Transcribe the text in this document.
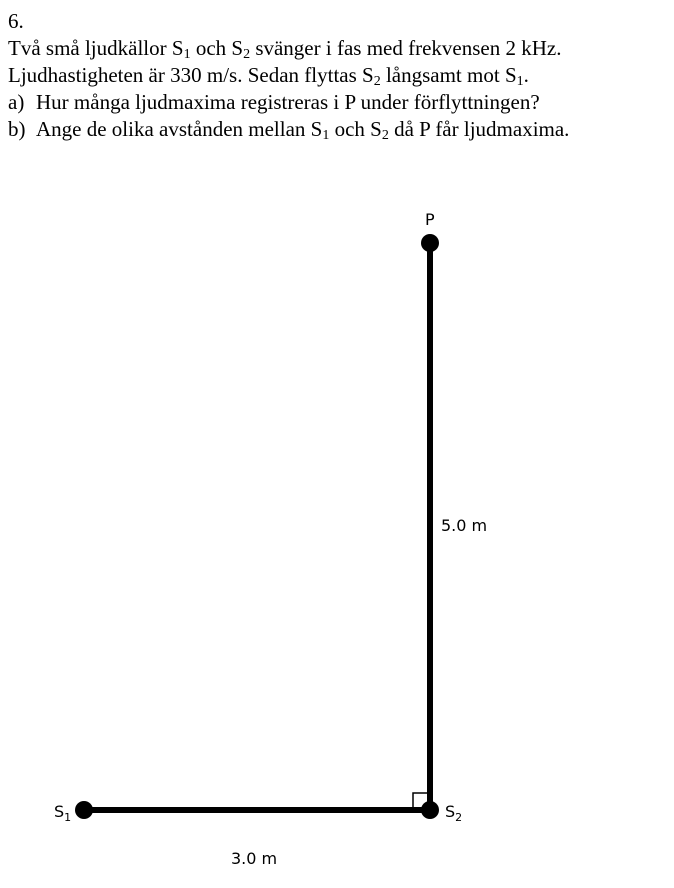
6.
Två små ljudkällor $S_1$ och $S_2$ svänger i fas med frekvensen 2 kHz.
Ljudhastigheten är 330 m/s. Sedan flyttas $S_2$ långsamt mot $S_1$.
a) Hur många ljudmaxima registreras i P under förflyttningen?
b) Ange de olika avstånden mellan $S_1$ och $S_2$ då P får ljudmaxima.
P
$S_1$	$S_2$
5.0 m
3.0 m
